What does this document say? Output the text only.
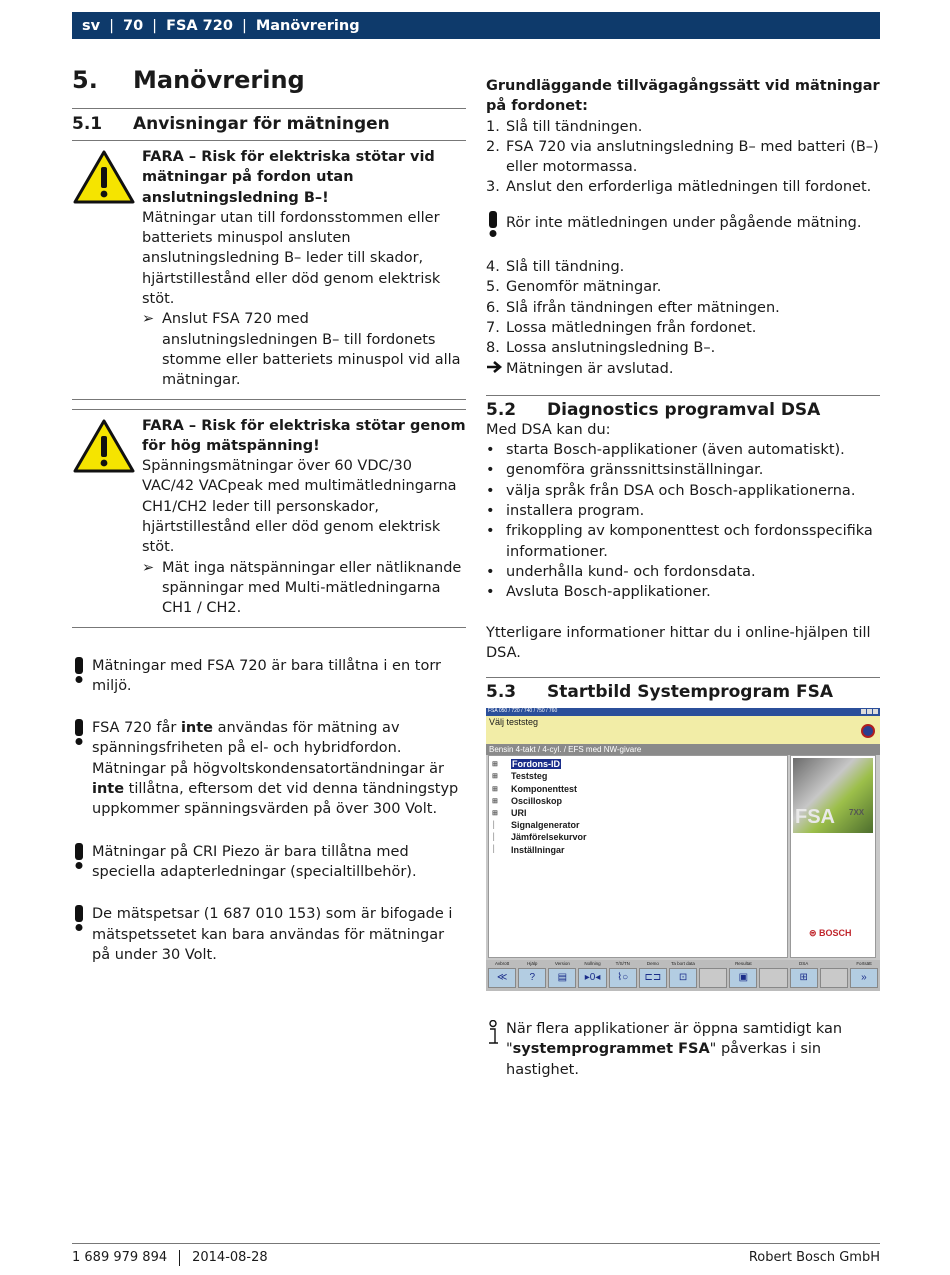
sv | 70 | FSA 720 | Manövrering
5.	Manövrering
5.1	Anvisningar för mätningen
FARA – Risk för elektriska stötar vid mätningar på fordon utan anslutningsledning B–!
Mätningar utan till fordonsstommen eller batteriets minuspol ansluten anslutningsledning B– leder till skador, hjärtstillestånd eller död genom elektrisk stöt.
➢ Anslut FSA 720 med anslutningsledningen B– till fordonets stomme eller batteriets minuspol vid alla mätningar.
FARA – Risk för elektriska stötar genom för hög mätspänning!
Spänningsmätningar över 60 VDC/30 VAC/42 VACpeak med multimätledningarna CH1/CH2 leder till personskador, hjärtstillestånd eller död genom elektrisk stöt.
➢ Mät inga nätspänningar eller nätliknande spänningar med Multi-mätledningarna CH1 / CH2.
Mätningar med FSA 720 är bara tillåtna i en torr miljö.
FSA 720 får inte användas för mätning av spänningsfriheten på el- och hybridfordon. Mätningar på högvoltskondensatortändningar är inte tillåtna, eftersom det vid denna tändningstyp uppkommer spänningsvärden på över 300 Volt.
Mätningar på CRI Piezo är bara tillåtna med speciella adapterledningar (specialtillbehör).
De mätspetsar (1 687 010 153) som är bifogade i mätspetssetet kan bara användas för mätningar på under 30 Volt.
Grundläggande tillvägagångssätt vid mätningar på fordonet:
1. Slå till tändningen.
2. FSA 720 via anslutningsledning B– med batteri (B–) eller motormassa.
3. Anslut den erforderliga mätledningen till fordonet.
Rör inte mätledningen under pågående mätning.
4. Slå till tändning.
5. Genomför mätningar.
6. Slå ifrån tändningen efter mätningen.
7. Lossa mätledningen från fordonet.
8. Lossa anslutningsledning B–.
Mätningen är avslutad.
5.2	Diagnostics programval DSA
Med DSA kan du:
• starta Bosch-applikationer (även automatiskt).
• genomföra gränssnittsinställningar.
• välja språk från DSA och Bosch-applikationerna.
• installera program.
• frikoppling av komponenttest och fordonsspecifika informationer.
• underhålla kund- och fordonsdata.
• Avsluta Bosch-applikationer.
Ytterligare informationer hittar du i online-hjälpen till DSA.
5.3	Startbild Systemprogram FSA
FSA 050 / 720 / 740 / 750 / 760
Välj teststeg
Bensin 4-takt / 4-cyl. / EFS med NW-givare
⊞	Fordons-ID
⊞	Teststeg
⊞	Komponenttest
⊞	Oscilloskop
⊞	URI
│	Signalgenerator
│	Jämförelsekurvor
│	Inställningar
FSA 7XX
⊜ BOSCH
Avbrott
≪
Hjälp
?
Version
▤
Nollning
▸0◂
T/S/TN
⌇○
Demo
⊏⊐
Ta bort data
⊡
Resultat
▣
DSA
⊞
Fortsätt
»
När flera applikationer är öppna samtidigt kan "systemprogrammet FSA" påverkas i sin hastighet.
1 689 979 894 2014-08-28	Robert Bosch GmbH
